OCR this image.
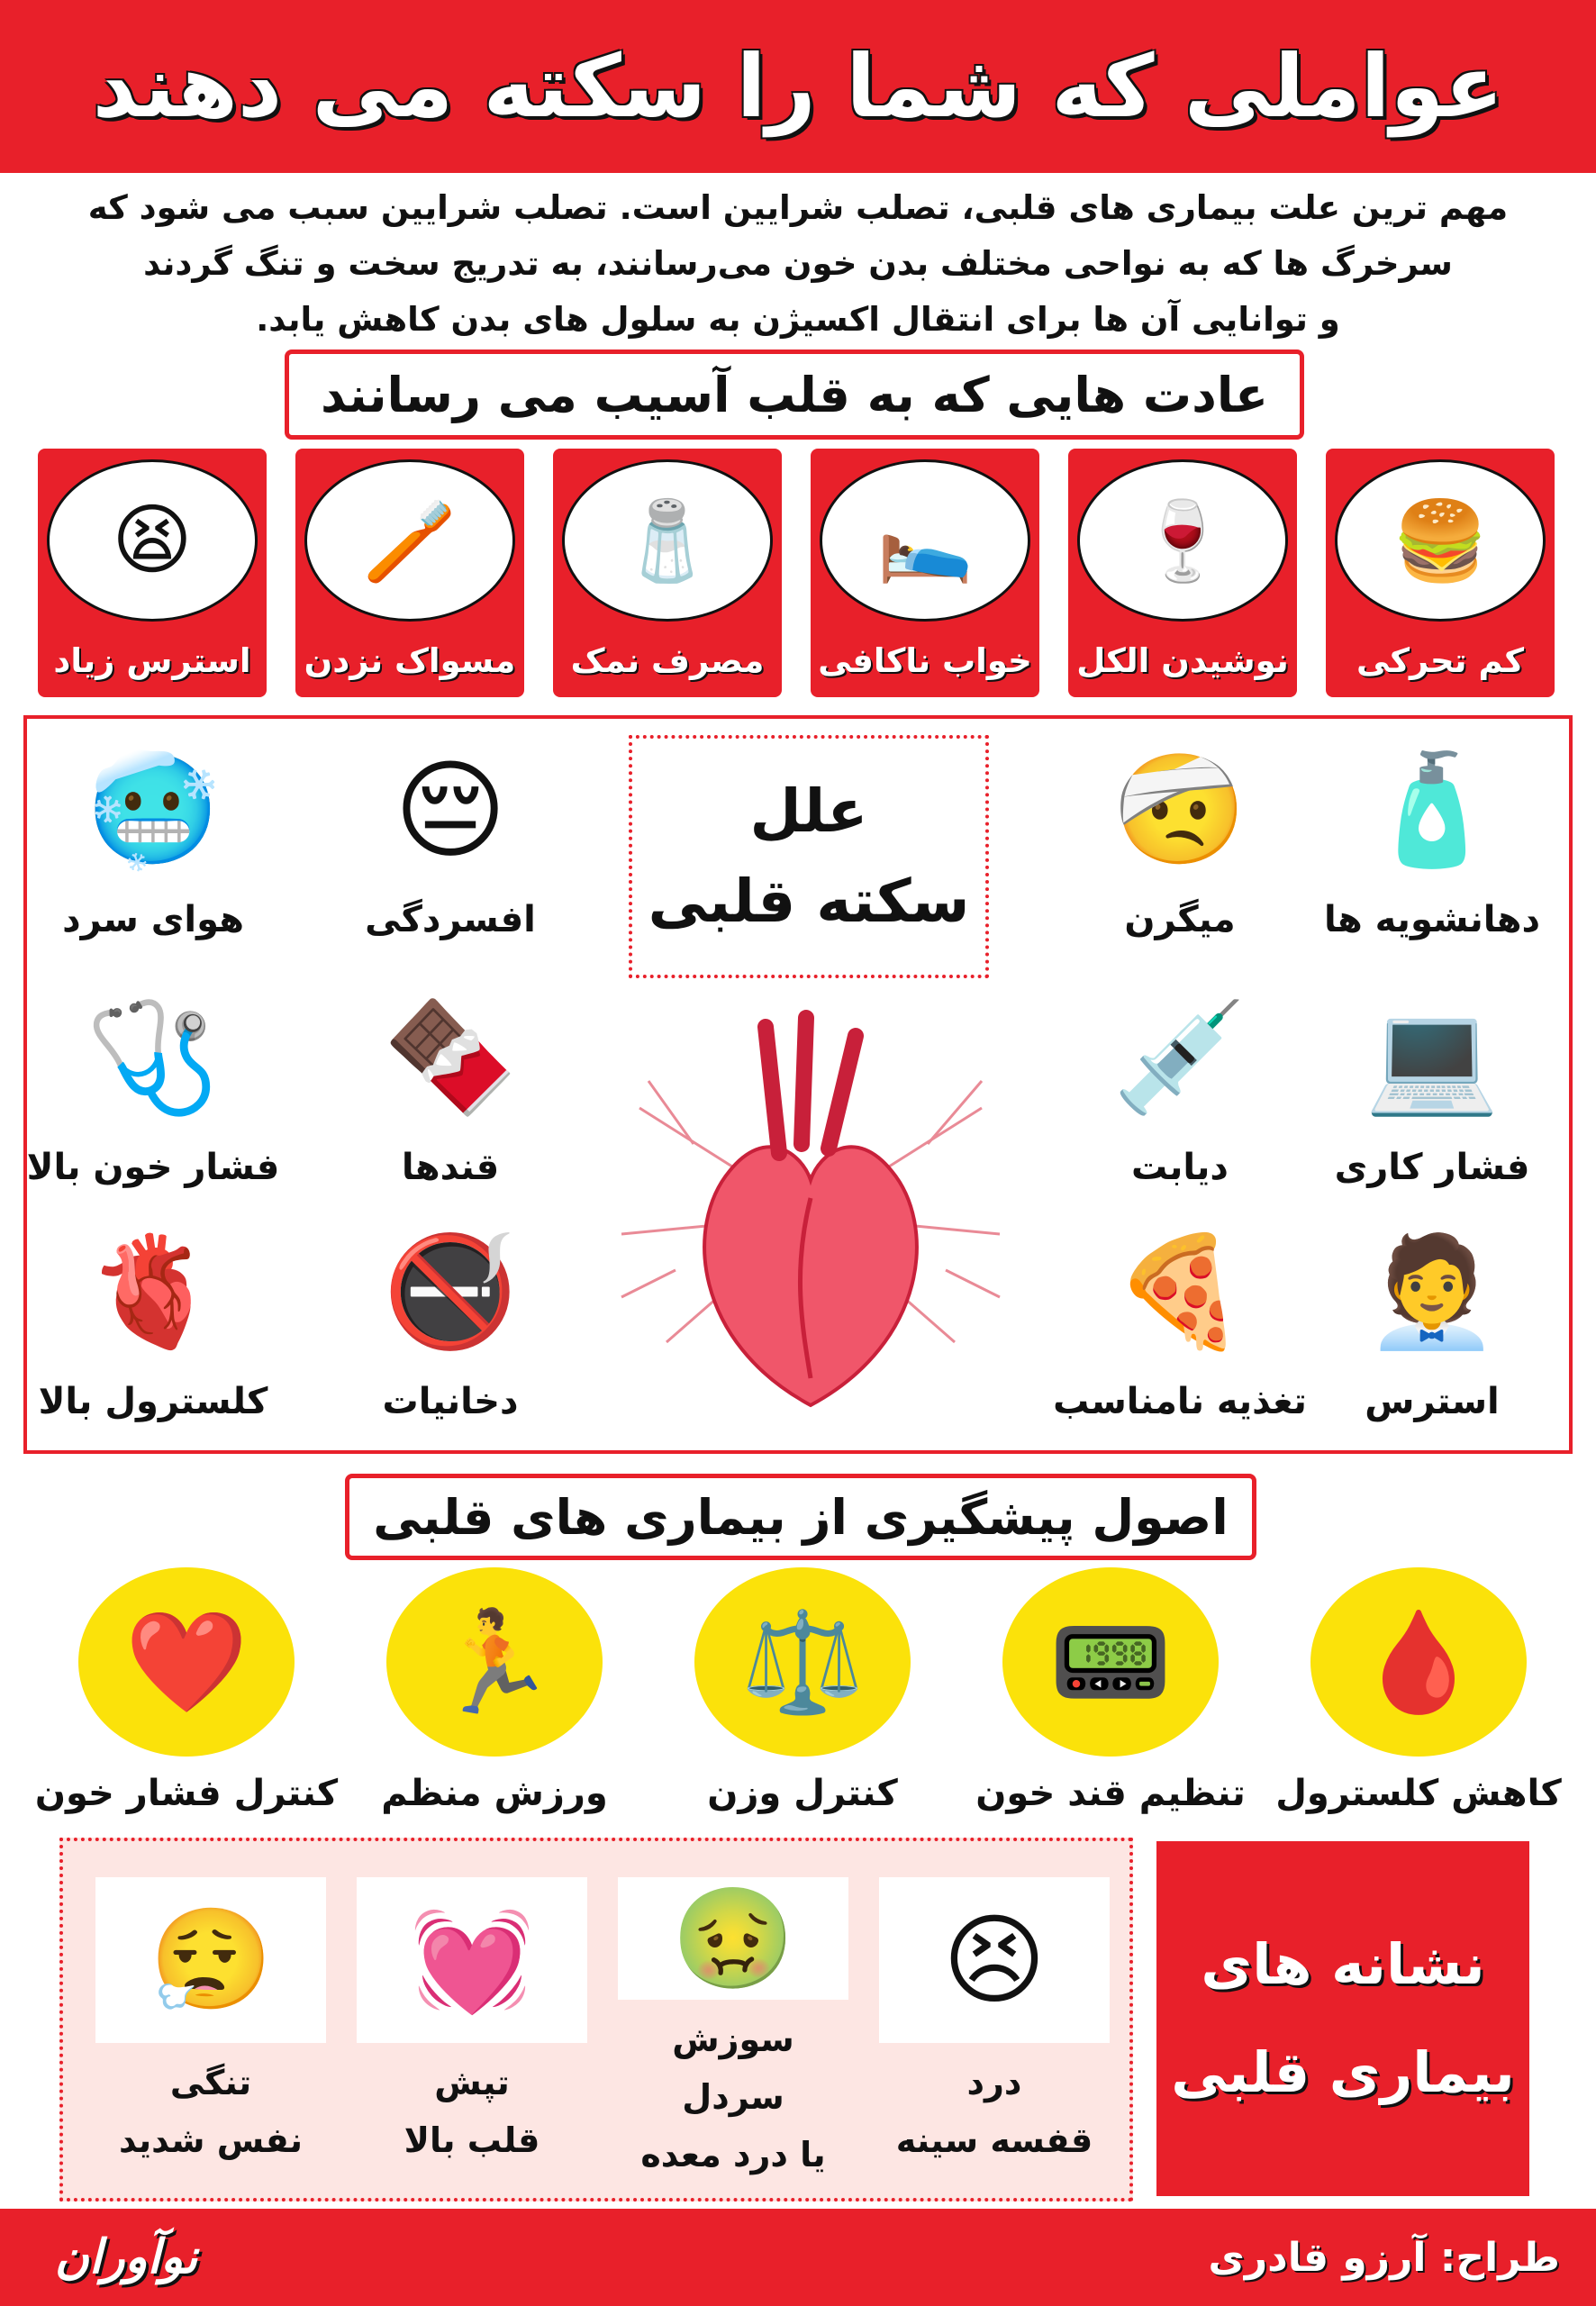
عواملی که شما را سکته می دهند
مهم ترین علت بیماری های قلبی، تصلب شرایین است. تصلب شرایین سبب می شود که
سرخرگ ها که به نواحی مختلف بدن خون می‌رسانند، به تدریج سخت و تنگ گردند
و توانایی آن ها برای انتقال اکسیژن به سلول های بدن کاهش یابد.
عادت هایی که به قلب آسیب می رسانند
🍔
کم تحرکی
🍷
نوشیدن الکل
🛌
خواب ناکافی
🧂
مصرف نمک
🪥
مسواک نزدن
😫
استرس زیاد
علل
سکته قلبی
🧴
دهانشویه ها
🤕
میگرن
😔
افسردگی
🥶
هوای سرد
💻
فشار کاری
💉
دیابت
🍫
قندها
🩺
فشار خون بالا
🧑‍💼
استرس
🍕
تغذیه نامناسب
🚭
دخانیات
🫀
کلسترول بالا
اصول پیشگیری از بیماری های قلبی
🩸
کاهش کلسترول
📟
تنظیم قند خون
⚖️
کنترل وزن
🏃
ورزش منظم
❤️
کنترل فشار خون
😣
درد
قفسه سینه
🤢
سوزش سردل
یا درد معده
💓
تپش
قلب بالا
😮‍💨
تنگی
نفس شدید
نشانه های
بیماری قلبی
طراح: آرزو قادری
نوآوران
